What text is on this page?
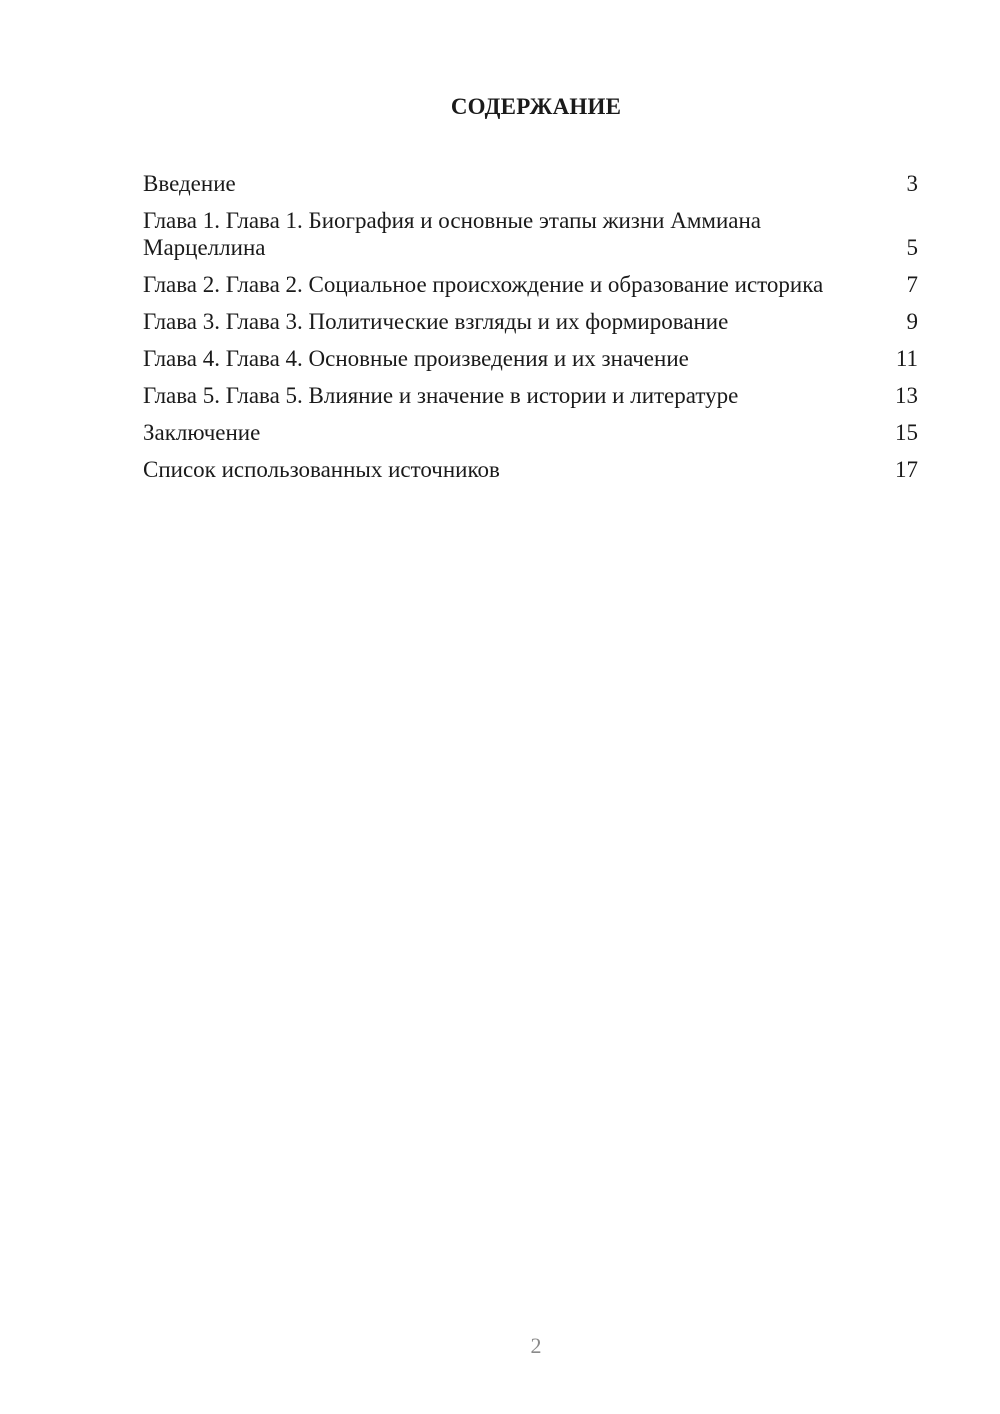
СОДЕРЖАНИЕ
Введение	3
Глава 1. Глава 1. Биография и основные этапы жизни Аммиана Марцеллина	5
Глава 2. Глава 2. Социальное происхождение и образование историка	7
Глава 3. Глава 3. Политические взгляды и их формирование	9
Глава 4. Глава 4. Основные произведения и их значение	11
Глава 5. Глава 5. Влияние и значение в истории и литературе	13
Заключение	15
Список использованных источников	17
2
